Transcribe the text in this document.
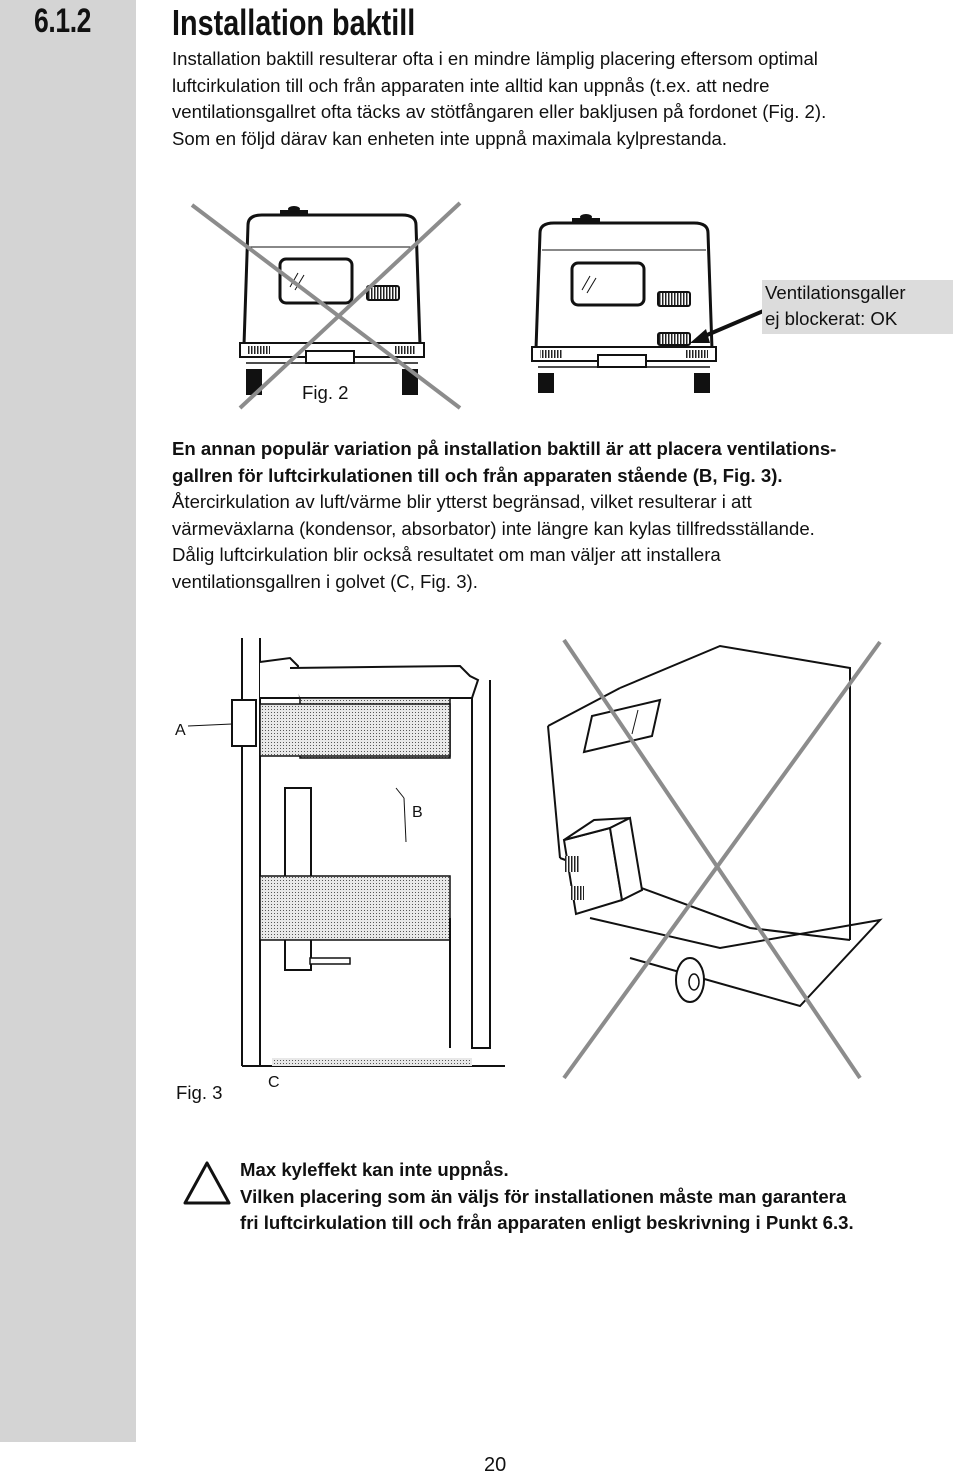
6.1.2 Installation baktill

Installation baktill resulterar ofta i en mindre lämplig placering eftersom optimal
luftcirkulation till och från apparaten inte alltid kan uppnås (t.ex. att nedre
ventilationsgallret ofta täcks av stötfångaren eller bakljusen på fordonet (Fig. 2).
Som en följd därav kan enheten inte uppnå maximala kylprestanda.

Ventilationsgaller
ej blockerat: OK
Fig. 2

En annan populär variation på installation baktill är att placera ventilations-
gallren för luftcirkulationen till och från apparaten stående (B, Fig. 3).
Återcirkulation av luft/värme blir ytterst begränsad, vilket resulterar i att
värmeväxlarna (kondensor, absorbator) inte längre kan kylas tillfredsställande.
Dålig luftcirkulation blir också resultatet om man väljer att installera
ventilationsgallren i golvet (C, Fig. 3).

A
B
C
Fig. 3
Max kyleffekt kan inte uppnås.
Vilken placering som än väljs för installationen måste man garantera
fri luftcirkulation till och från apparaten enligt beskrivning i Punkt 6.3.
20
